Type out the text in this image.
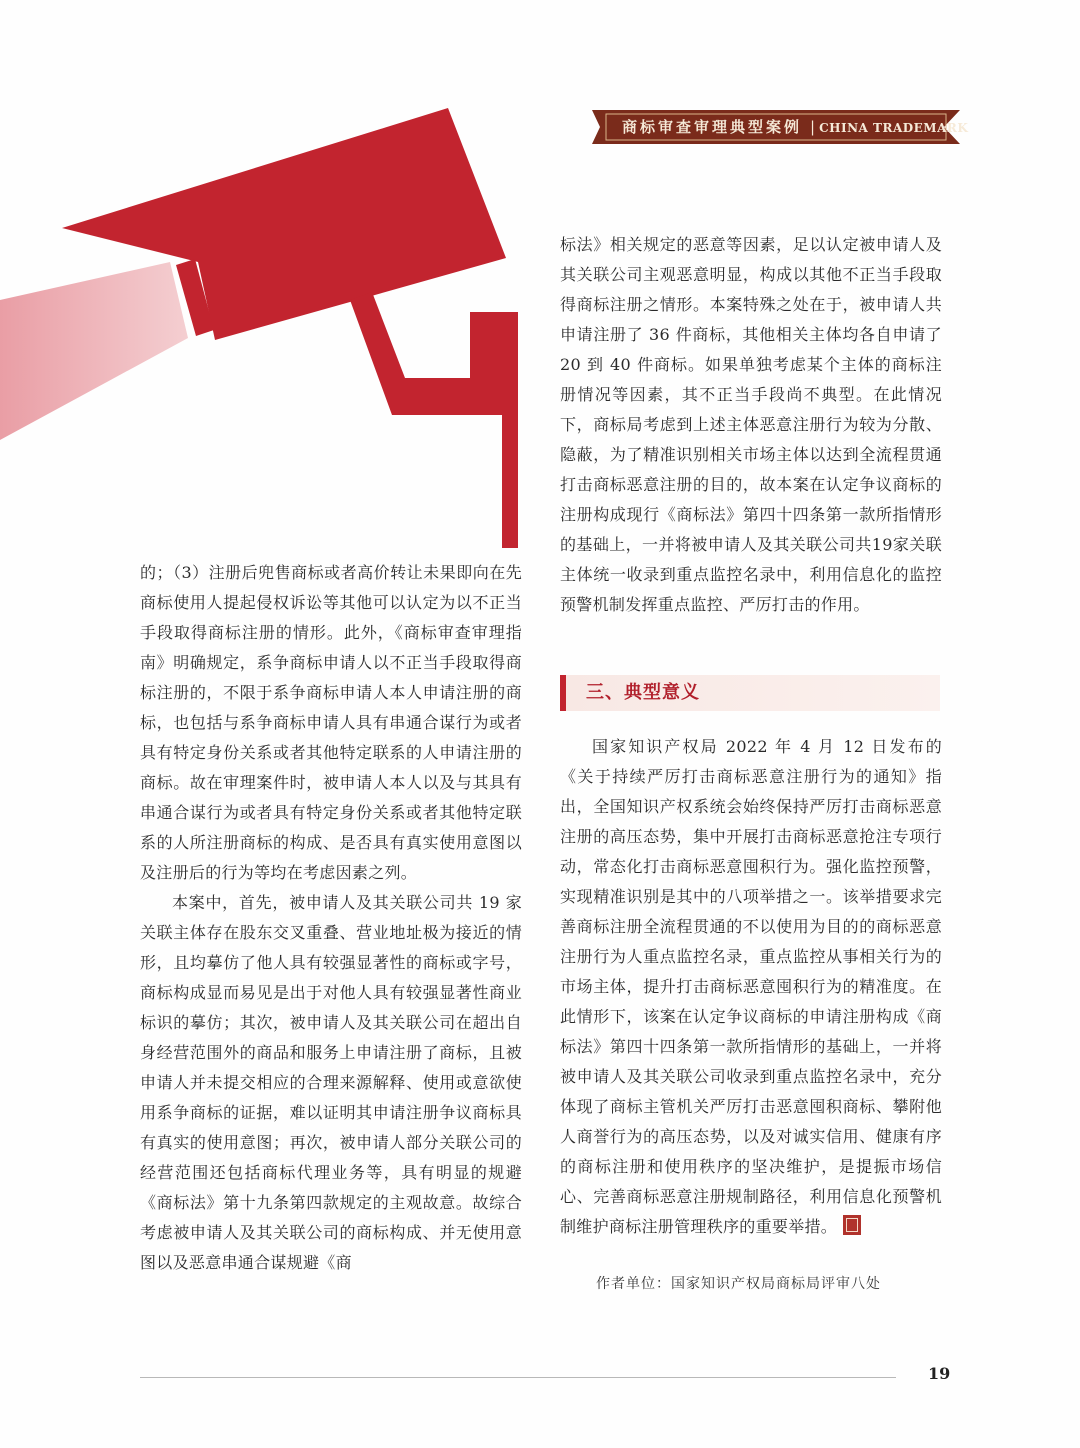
商标审查审理典型案例 | CHINA TRADEMARK

的；（3）注册后兜售商标或者高价转让未果即向在先商标使用人提起侵权诉讼等其他可以认定为以不正当手段取得商标注册的情形。此外，《商标审查审理指南》明确规定，系争商标申请人以不正当手段取得商标注册的，不限于系争商标申请人本人申请注册的商标，也包括与系争商标申请人具有串通合谋行为或者具有特定身份关系或者其他特定联系的人申请注册的商标。故在审理案件时，被申请人本人以及与其具有串通合谋行为或者具有特定身份关系或者其他特定联系的人所注册商标的构成、是否具有真实使用意图以及注册后的行为等均在考虑因素之列。

本案中，首先，被申请人及其关联公司共 19 家关联主体存在股东交叉重叠、营业地址极为接近的情形，且均摹仿了他人具有较强显著性的商标或字号，商标构成显而易见是出于对他人具有较强显著性商业标识的摹仿；其次，被申请人及其关联公司在超出自身经营范围外的商品和服务上申请注册了商标，且被申请人并未提交相应的合理来源解释、使用或意欲使用系争商标的证据，难以证明其申请注册争议商标具有真实的使用意图；再次，被申请人部分关联公司的经营范围还包括商标代理业务等，具有明显的规避《商标法》第十九条第四款规定的主观故意。故综合考虑被申请人及其关联公司的商标构成、并无使用意图以及恶意串通合谋规避《商

标法》相关规定的恶意等因素，足以认定被申请人及其关联公司主观恶意明显，构成以其他不正当手段取得商标注册之情形。本案特殊之处在于，被申请人共申请注册了 36 件商标，其他相关主体均各自申请了 20 到 40 件商标。如果单独考虑某个主体的商标注册情况等因素，其不正当手段尚不典型。在此情况下，商标局考虑到上述主体恶意注册行为较为分散、隐蔽，为了精准识别相关市场主体以达到全流程贯通打击商标恶意注册的目的，故本案在认定争议商标的注册构成现行《商标法》第四十四条第一款所指情形的基础上，一并将被申请人及其关联公司共19家关联主体统一收录到重点监控名录中，利用信息化的监控预警机制发挥重点监控、严厉打击的作用。

三、典型意义

国家知识产权局 2022 年 4 月 12 日发布的《关于持续严厉打击商标恶意注册行为的通知》指出，全国知识产权系统会始终保持严厉打击商标恶意注册的高压态势，集中开展打击商标恶意抢注专项行动，常态化打击商标恶意囤积行为。强化监控预警，实现精准识别是其中的八项举措之一。该举措要求完善商标注册全流程贯通的不以使用为目的的商标恶意注册行为人重点监控名录，重点监控从事相关行为的市场主体，提升打击商标恶意囤积行为的精准度。在此情形下，该案在认定争议商标的申请注册构成《商标法》第四十四条第一款所指情形的基础上，一并将被申请人及其关联公司收录到重点监控名录中，充分体现了商标主管机关严厉打击恶意囤积商标、攀附他人商誉行为的高压态势，以及对诚实信用、健康有序的商标注册和使用秩序的坚决维护，是提振市场信心、完善商标恶意注册规制路径，利用信息化预警机制维护商标注册管理秩序的重要举措。

作者单位：国家知识产权局商标局评审八处
19
